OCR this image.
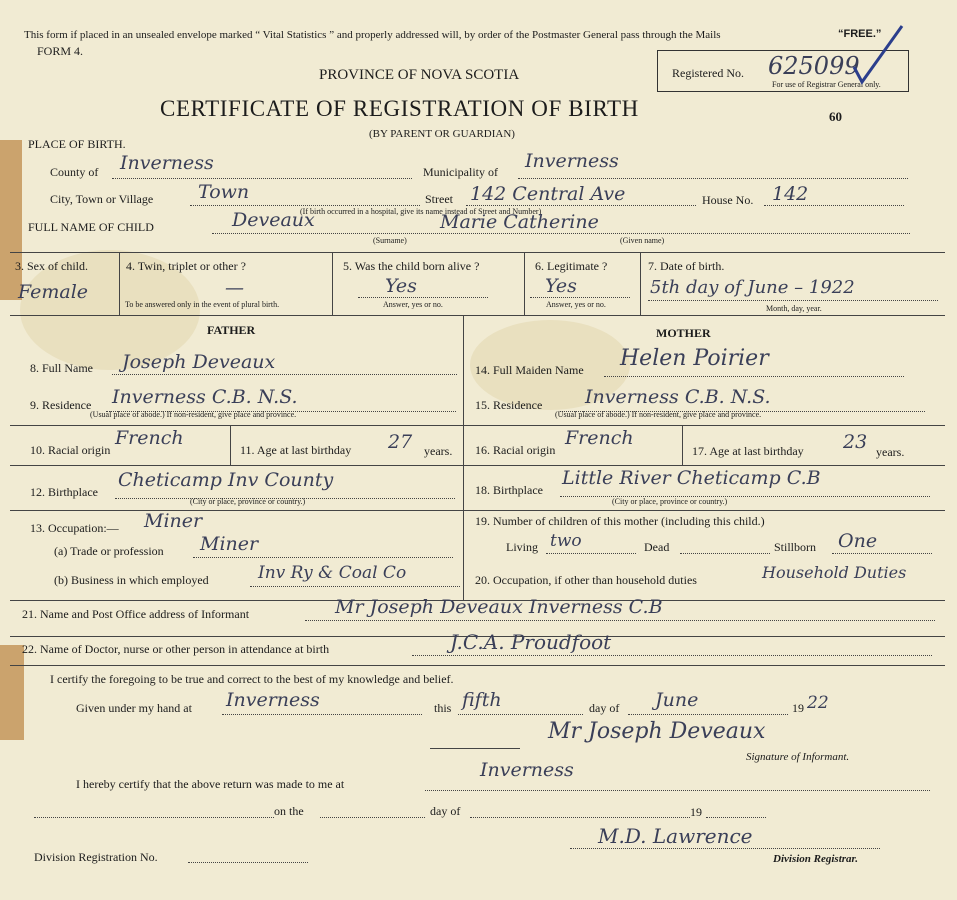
This form if placed in an unsealed envelope marked “ Vital Statistics ” and properly addressed will, by order of the Postmaster General pass through the Mails	“FREE.”
FORM 4.
PROVINCE OF NOVA SCOTIA
CERTIFICATE OF REGISTRATION OF BIRTH
(BY PARENT OR GUARDIAN)
Registered No. 625099
For use of Registrar General only.
60
PLACE OF BIRTH.
County of Inverness	Municipality of Inverness
City, Town or Village Town	Street 142 Central Ave	House No. 142
(If birth occurred in a hospital, give its name instead of Street and Number)
FULL NAME OF CHILD	Deveaux	Marie Catherine
(Surname)	(Given name)
3. Sex of child.
Female
4. Twin, triplet or other ?
—
To be answered only in the event of plural birth.
5. Was the child born alive ?
Yes
Answer, yes or no.
6. Legitimate ?
Yes
Answer, yes or no.
7. Date of birth.
5th day of June – 1922
Month, day, year.
FATHER
8. Full Name Joseph Deveaux
9. Residence Inverness C.B. N.S.
(Usual place of abode.) If non-resident, give place and province.
10. Racial origin
French
11. Age at last birthday 27 years.
12. Birthplace
Cheticamp Inv County
(City or place, province or country.)
13. Occupation:— Miner
(a) Trade or profession Miner
(b) Business in which employed	Inv Ry & Coal Co
MOTHER
14. Full Maiden Name Helen Poirier
15. Residence Inverness C.B. N.S.
(Usual place of abode.) If non-resident, give place and province.
16. Racial origin
French
17. Age at last birthday 23 years.
18. Birthplace
Little River Cheticamp C.B
(City or place, province or country.)
19. Number of children of this mother (including this child.)
Living two	Dead	Stillborn One
20. Occupation, if other than household duties	Household Duties
21. Name and Post Office address of Informant	Mr Joseph Deveaux Inverness C.B
22. Name of Doctor, nurse or other person in attendance at birth	J.C.A. Proudfoot
I certify the foregoing to be true and correct to the best of my knowledge and belief.
Given under my hand at Inverness	this fifth	day of June	19 22
Mr Joseph Deveaux
Signature of Informant.
I hereby certify that the above return was made to me at
Inverness
on the	day of	19
Division Registration No.
M.D. Lawrence
Division Registrar.
